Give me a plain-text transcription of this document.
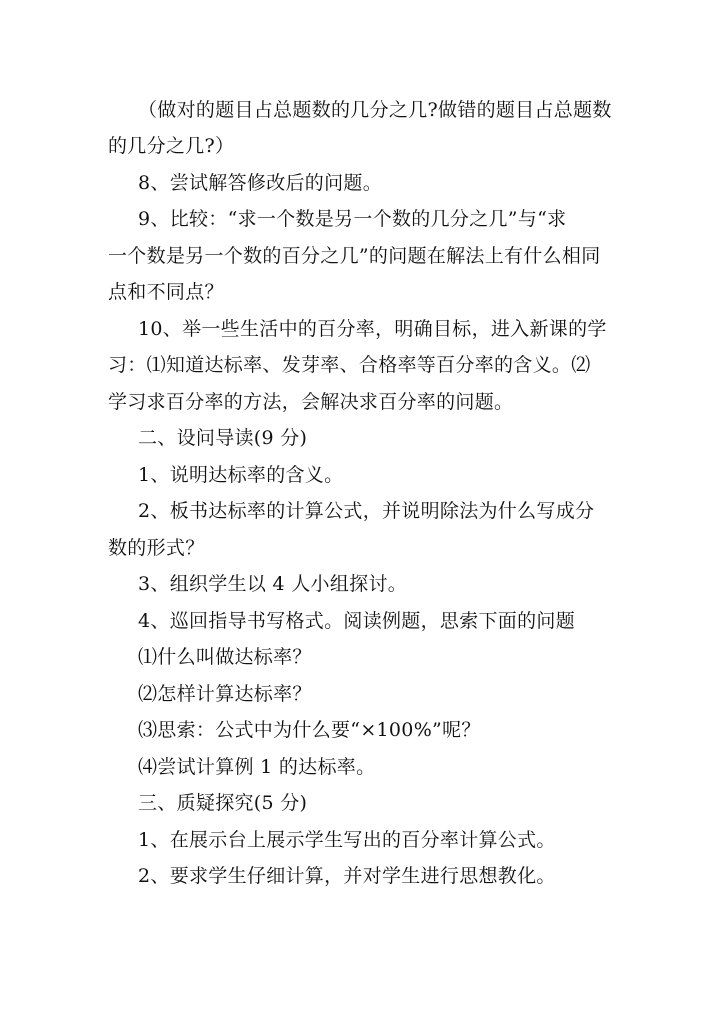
（做对的题目占总题数的几分之几?做错的题目占总题数
的几分之几?）
8、尝试解答修改后的问题。
9、比较：“求一个数是另一个数的几分之几”与“求
一个数是另一个数的百分之几”的问题在解法上有什么相同
点和不同点？
10、举一些生活中的百分率，明确目标，进入新课的学
习：⑴知道达标率、发芽率、合格率等百分率的含义。⑵
学习求百分率的方法，会解决求百分率的问题。
二、设问导读(9 分)
1、说明达标率的含义。
2、板书达标率的计算公式，并说明除法为什么写成分
数的形式？
3、组织学生以 4 人小组探讨。
4、巡回指导书写格式。阅读例题，思索下面的问题
⑴什么叫做达标率？
⑵怎样计算达标率？
⑶思索：公式中为什么要“×100%”呢？
⑷尝试计算例 1 的达标率。
三、质疑探究(5 分)
1、在展示台上展示学生写出的百分率计算公式。
2、要求学生仔细计算，并对学生进行思想教化。
